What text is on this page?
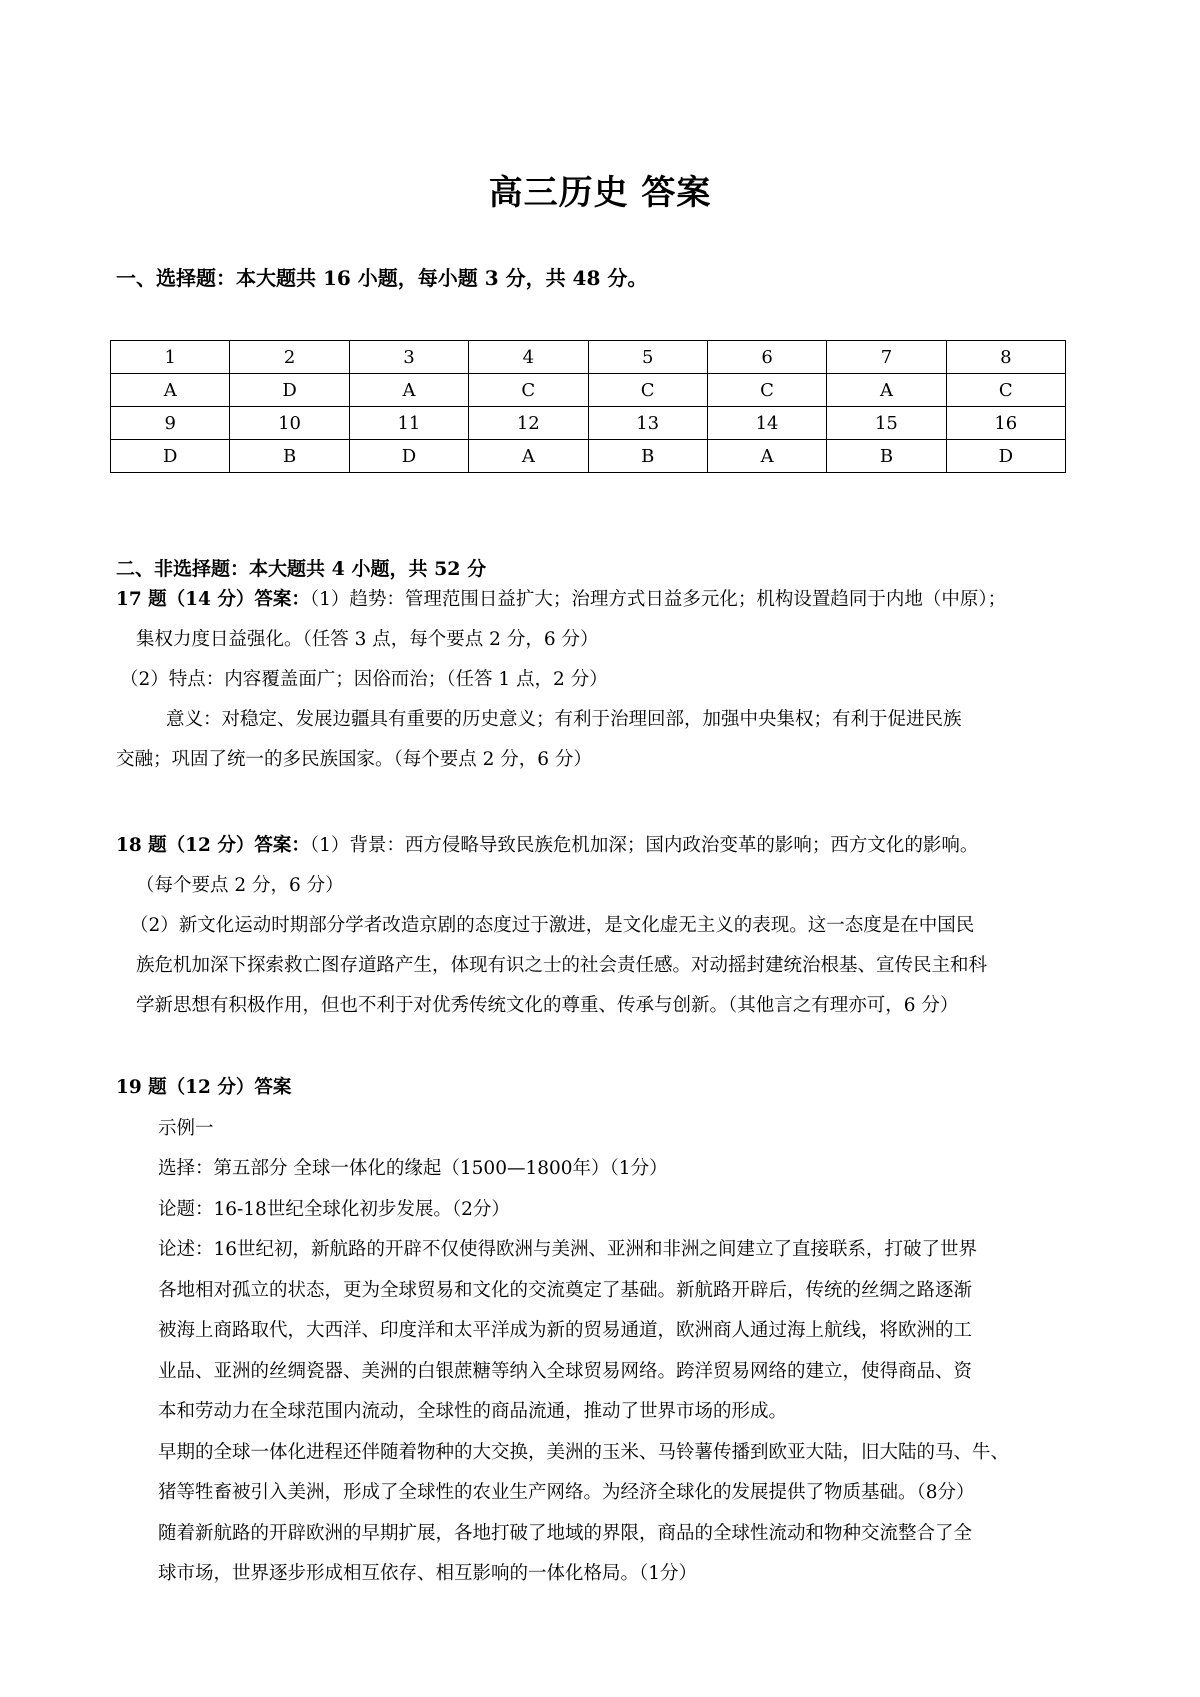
高三历史 答案
一、选择题：本大题共 16 小题，每小题 3 分，共 48 分。
1	2	3	4	5	6	7	8
A	D	A	C	C	C	A	C
9	10	11	12	13	14	15	16
D	B	D	A	B	A	B	D
二、非选择题：本大题共 4 小题，共 52 分
17 题（14 分）答案：（1）趋势：管理范围日益扩大；治理方式日益多元化；机构设置趋同于内地（中原）；
集权力度日益强化。（任答 3 点，每个要点 2 分，6 分）
（2）特点：内容覆盖面广；因俗而治；（任答 1 点，2 分）
意义：对稳定、发展边疆具有重要的历史意义；有利于治理回部，加强中央集权；有利于促进民族
交融；巩固了统一的多民族国家。（每个要点 2 分，6 分）
18 题（12 分）答案：（1）背景：西方侵略导致民族危机加深；国内政治变革的影响；西方文化的影响。
（每个要点 2 分，6 分）
（2）新文化运动时期部分学者改造京剧的态度过于激进，是文化虚无主义的表现。这一态度是在中国民
族危机加深下探索救亡图存道路产生，体现有识之士的社会责任感。对动摇封建统治根基、宣传民主和科
学新思想有积极作用，但也不利于对优秀传统文化的尊重、传承与创新。（其他言之有理亦可，6 分）
19 题（12 分）答案
示例一
选择：第五部分 全球一体化的缘起（1500—1800年）（1分）
论题：16-18世纪全球化初步发展。（2分）
论述：16世纪初，新航路的开辟不仅使得欧洲与美洲、亚洲和非洲之间建立了直接联系，打破了世界
各地相对孤立的状态，更为全球贸易和文化的交流奠定了基础。新航路开辟后，传统的丝绸之路逐渐
被海上商路取代，大西洋、印度洋和太平洋成为新的贸易通道，欧洲商人通过海上航线，将欧洲的工
业品、亚洲的丝绸瓷器、美洲的白银蔗糖等纳入全球贸易网络。跨洋贸易网络的建立，使得商品、资
本和劳动力在全球范围内流动，全球性的商品流通，推动了世界市场的形成。
早期的全球一体化进程还伴随着物种的大交换，美洲的玉米、马铃薯传播到欧亚大陆，旧大陆的马、牛、
猪等牲畜被引入美洲，形成了全球性的农业生产网络。为经济全球化的发展提供了物质基础。（8分）
随着新航路的开辟欧洲的早期扩展，各地打破了地域的界限，商品的全球性流动和物种交流整合了全
球市场，世界逐步形成相互依存、相互影响的一体化格局。（1分）
